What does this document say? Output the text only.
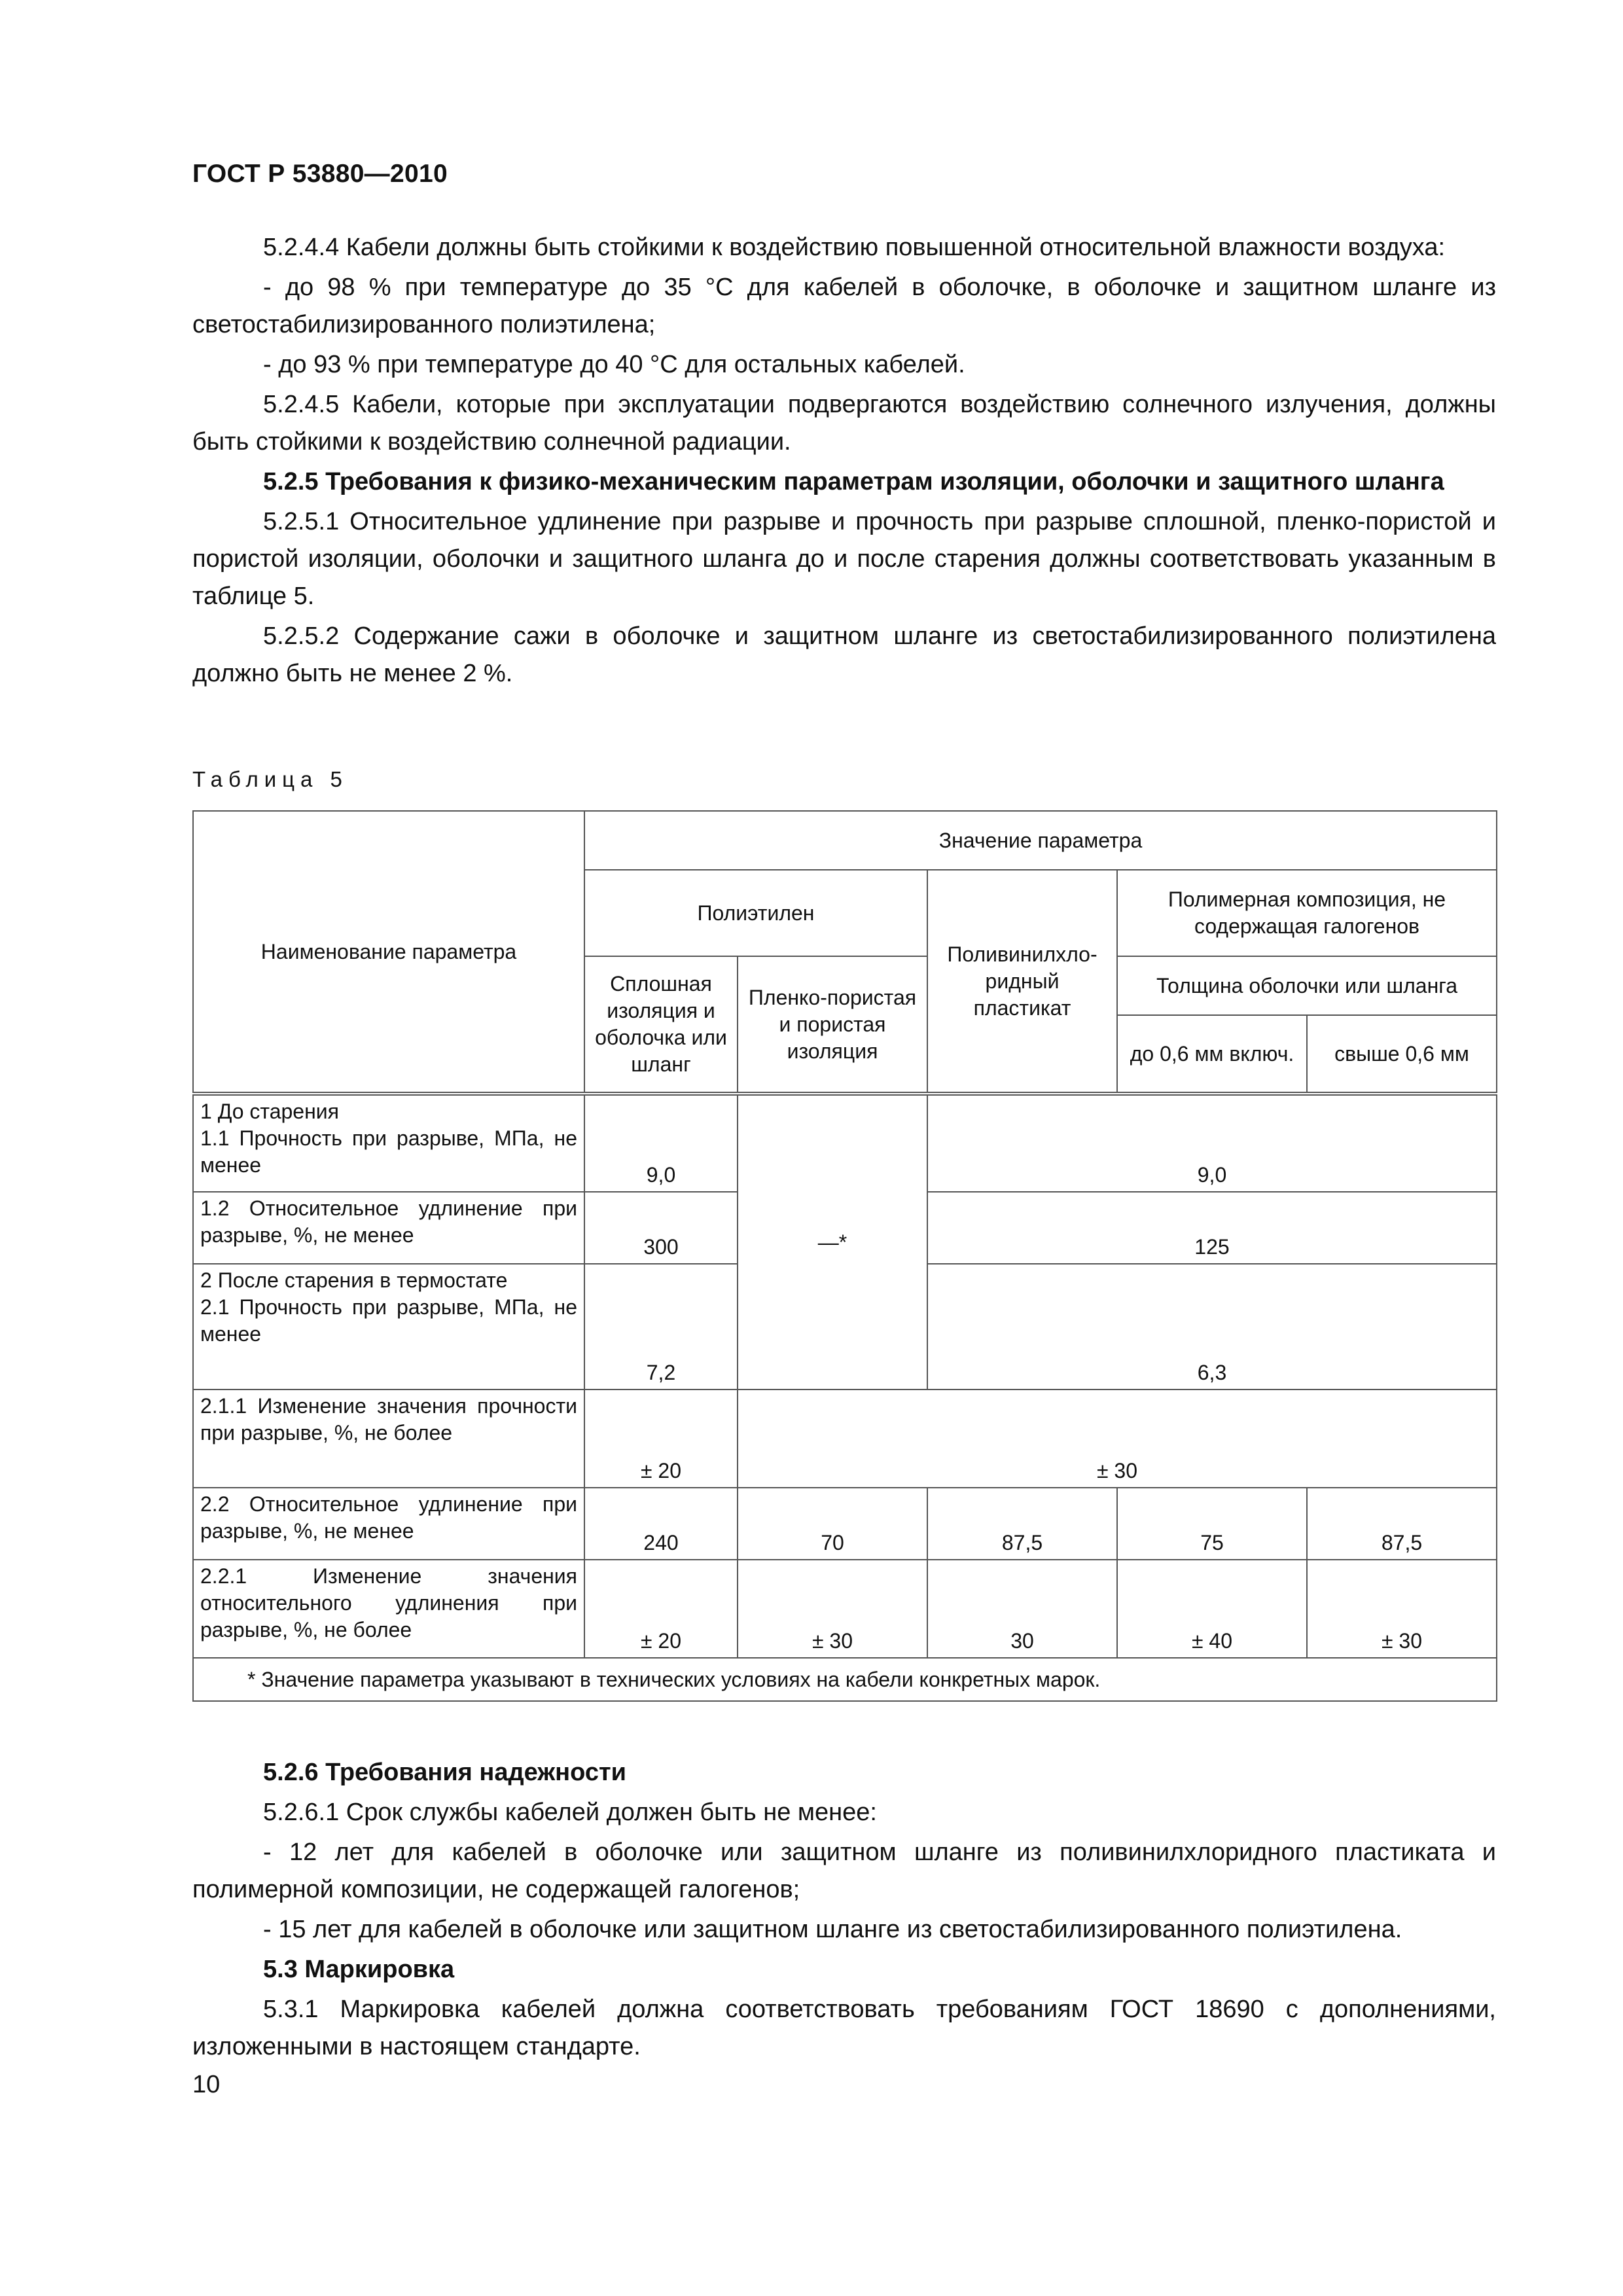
ГОСТ Р 53880—2010

5.2.4.4 Кабели должны быть стойкими к воздействию повышенной относительной влажности воздуха:

- до 98 % при температуре до 35 °С для кабелей в оболочке, в оболочке и защитном шланге из светостабилизированного полиэтилена;

- до 93 % при температуре до 40 °С для остальных кабелей.

5.2.4.5 Кабели, которые при эксплуатации подвергаются воздействию солнечного излучения, должны быть стойкими к воздействию солнечной радиации.

5.2.5 Требования к физико-механическим параметрам изоляции, оболочки и защитного шланга

5.2.5.1 Относительное удлинение при разрыве и прочность при разрыве сплошной, пленко-пористой и пористой изоляции, оболочки и защитного шланга до и после старения должны соответствовать указанным в таблице 5.

5.2.5.2 Содержание сажи в оболочке и защитном шланге из светостабилизированного полиэтилена должно быть не менее 2 %.

Таблица 5
Наименование параметра	Значение параметра				
	Полиэтилен		Поливинилхло-ридный пластикат	Полимерная композиция, не содержащая галогенов	
	Сплошная изоляция и оболочка или шланг	Пленко-пористая и пористая изоляция		Толщина оболочки или шланга	
				до 0,6 мм включ.	свыше 0,6 мм

1 До старения
1.1 Прочность при разрыве, МПа, не менее	9,0	—*	9,0		
1.2 Относительное удлинение при разрыве, %, не менее	300		125		

2 После старения в термостате
2.1 Прочность при разрыве, МПа, не менее	7,2		6,3		
2.1.1 Изменение значения прочности при разрыве, %, не более	± 20	± 30			
2.2 Относительное удлинение при разрыве, %, не менее	240	70	87,5	75	87,5
2.2.1 Изменение значения относительного удлинения при разрыве, %, не более	± 20	± 30	30	± 40	± 30
* Значение параметра указывают в технических условиях на кабели конкретных марок.					

5.2.6 Требования надежности

5.2.6.1 Срок службы кабелей должен быть не менее:

- 12 лет для кабелей в оболочке или защитном шланге из поливинилхлоридного пластиката и полимерной композиции, не содержащей галогенов;

- 15 лет для кабелей в оболочке или защитном шланге из светостабилизированного полиэтилена.

5.3 Маркировка

5.3.1 Маркировка кабелей должна соответствовать требованиям ГОСТ 18690 с дополнениями, изложенными в настоящем стандарте.

10
